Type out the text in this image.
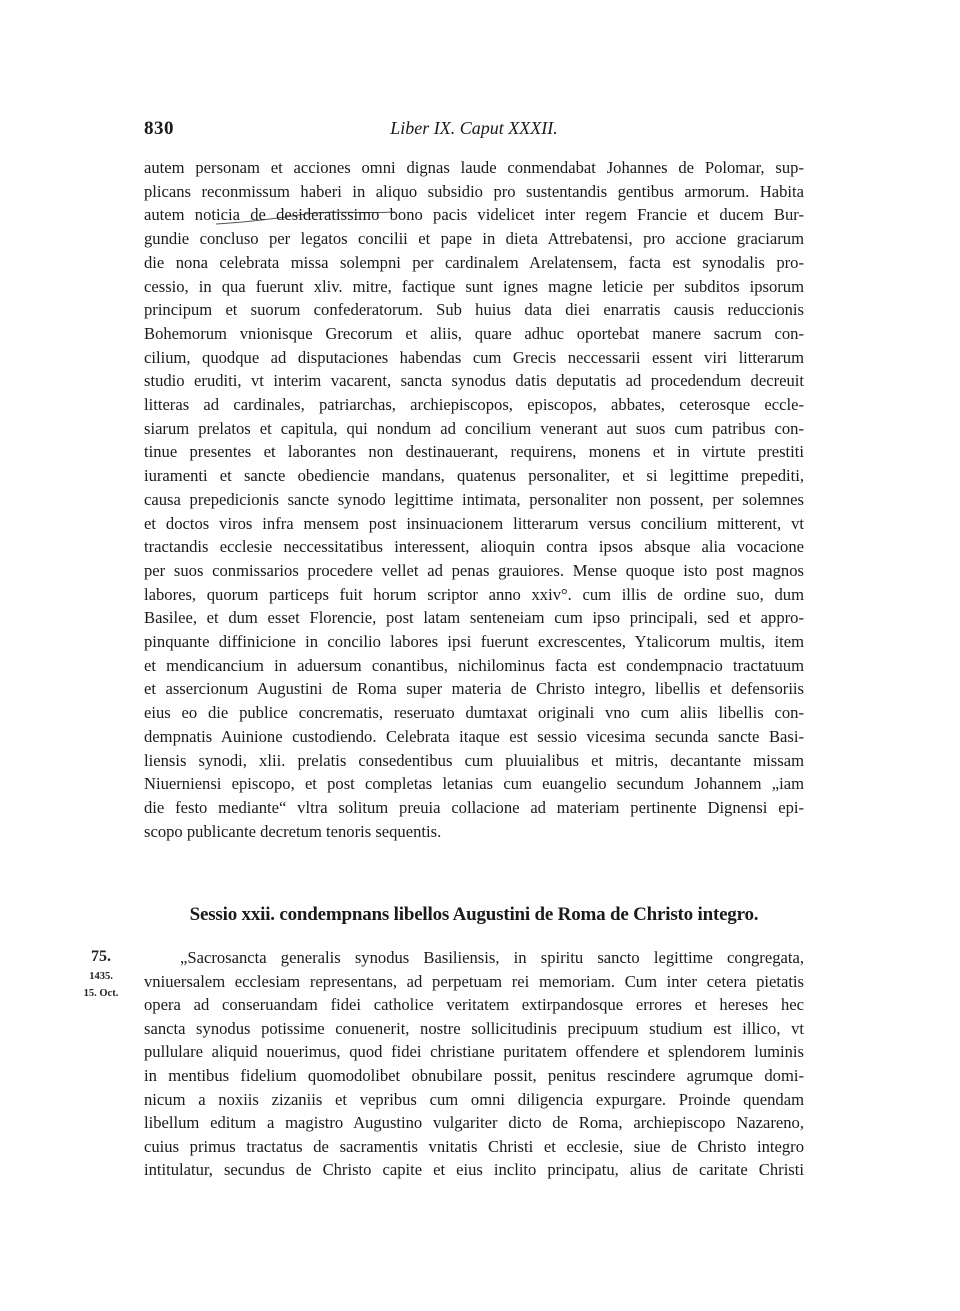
830	Liber IX. Caput XXXII.
autem personam et acciones omni dignas laude conmendabat Johannes de Polomar, sup-
plicans reconmissum haberi in aliquo subsidio pro sustentandis gentibus armorum. Habita
autem noticia de desideratissimo bono pacis videlicet inter regem Francie et ducem Bur-
gundie concluso per legatos concilii et pape in dieta Attrebatensi, pro accione graciarum
die nona celebrata missa solempni per cardinalem Arelatensem, facta est synodalis pro-
cessio, in qua fuerunt xliv. mitre, factique sunt ignes magne leticie per subditos ipsorum
principum et suorum confederatorum. Sub huius data diei enarratis causis reduccionis
Bohemorum vnionisque Grecorum et aliis, quare adhuc oportebat manere sacrum con-
cilium, quodque ad disputaciones habendas cum Grecis neccessarii essent viri litterarum
studio eruditi, vt interim vacarent, sancta synodus datis deputatis ad procedendum decreuit
litteras ad cardinales, patriarchas, archiepiscopos, episcopos, abbates, ceterosque eccle-
siarum prelatos et capitula, qui nondum ad concilium venerant aut suos cum patribus con-
tinue presentes et laborantes non destinauerant, requirens, monens et in virtute prestiti
iuramenti et sancte obediencie mandans, quatenus personaliter, et si legittime prepediti,
causa prepedicionis sancte synodo legittime intimata, personaliter non possent, per solemnes
et doctos viros infra mensem post insinuacionem litterarum versus concilium mitterent, vt
tractandis ecclesie neccessitatibus interessent, alioquin contra ipsos absque alia vocacione
per suos conmissarios procedere vellet ad penas grauiores. Mense quoque isto post magnos
labores, quorum particeps fuit horum scriptor anno xxiv°. cum illis de ordine suo, dum
Basilee, et dum esset Florencie, post latam senteneiam cum ipso principali, sed et appro-
pinquante diffinicione in concilio labores ipsi fuerunt excrescentes, Ytalicorum multis, item
et mendicancium in aduersum conantibus, nichilominus facta est condempnacio tractatuum
et assercionum Augustini de Roma super materia de Christo integro, libellis et defensoriis
eius eo die publice concrematis, reseruato dumtaxat originali vno cum aliis libellis con-
dempnatis Auinione custodiendo. Celebrata itaque est sessio vicesima secunda sancte Basi-
liensis synodi, xlii. prelatis consedentibus cum pluuialibus et mitris, decantante missam
Niuerniensi episcopo, et post completas letanias cum euangelio secundum Johannem „iam
die festo mediante“ vltra solitum preuia collacione ad materiam pertinente Dignensi epi-
scopo publicante decretum tenoris sequentis.
Sessio xxii. condempnans libellos Augustini de Roma de Christo integro.
75.
1435.
15. Oct.
„Sacrosancta generalis synodus Basiliensis, in spiritu sancto legittime congregata,
vniuersalem ecclesiam representans, ad perpetuam rei memoriam. Cum inter cetera pietatis
opera ad conseruandam fidei catholice veritatem extirpandosque errores et hereses hec
sancta synodus potissime conuenerit, nostre sollicitudinis precipuum studium est illico, vt
pullulare aliquid nouerimus, quod fidei christiane puritatem offendere et splendorem luminis
in mentibus fidelium quomodolibet obnubilare possit, penitus rescindere agrumque domi-
nicum a noxiis zizaniis et vepribus cum omni diligencia expurgare. Proinde quendam
libellum editum a magistro Augustino vulgariter dicto de Roma, archiepiscopo Nazareno,
cuius primus tractatus de sacramentis vnitatis Christi et ecclesie, siue de Christo integro
intitulatur, secundus de Christo capite et eius inclito principatu, alius de caritate Christi
